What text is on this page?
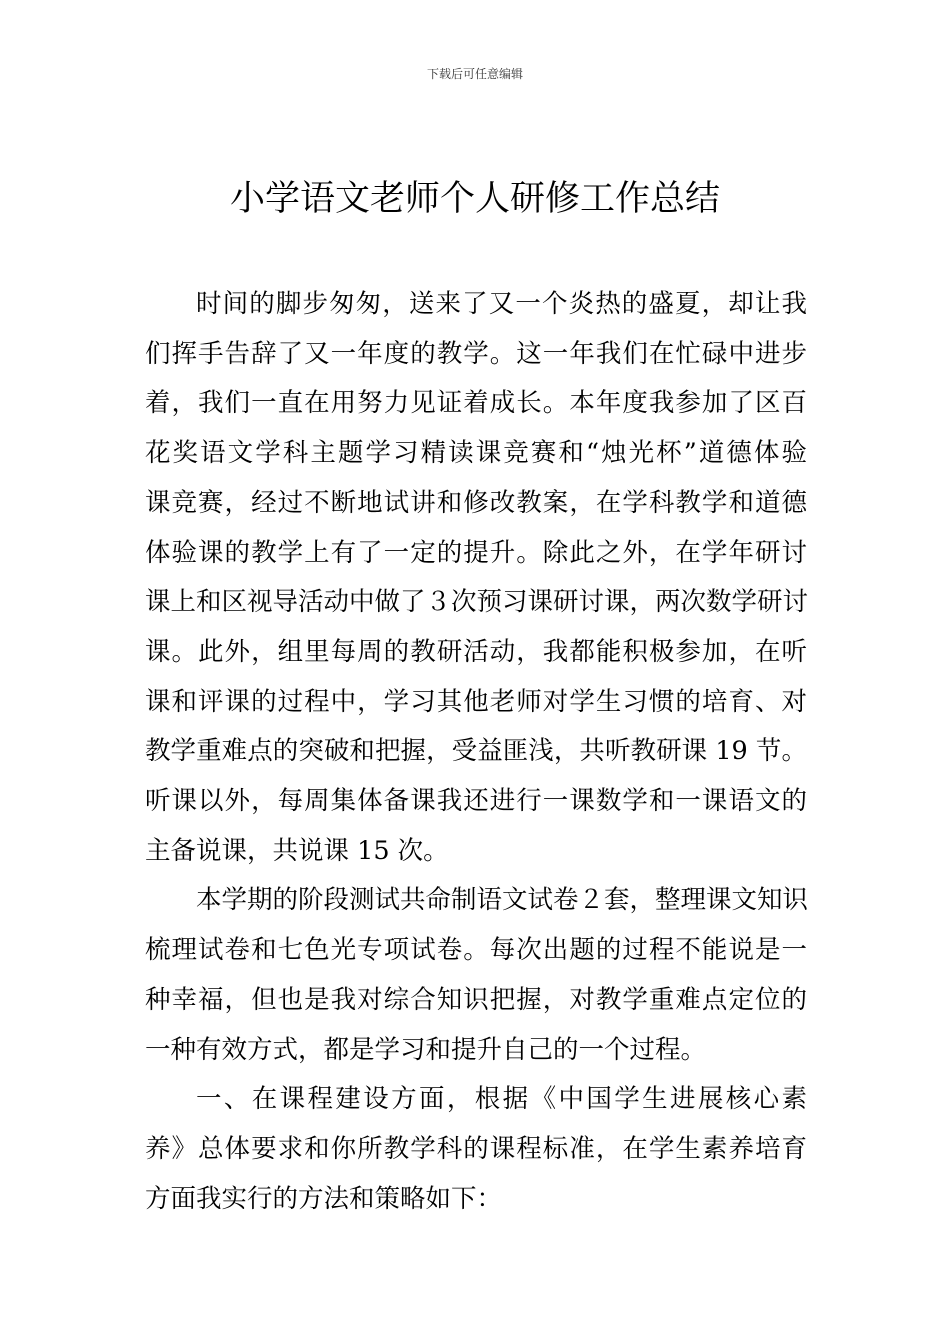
下载后可任意编辑
小学语文老师个人研修工作总结

时间的脚步匆匆，送来了又一个炎热的盛夏，却让我
们挥手告辞了又一年度的教学。这一年我们在忙碌中进步
着，我们一直在用努力见证着成长。本年度我参加了区百
花奖语文学科主题学习精读课竞赛和“烛光杯”道德体验
课竞赛，经过不断地试讲和修改教案，在学科教学和道德
体验课的教学上有了一定的提升。除此之外，在学年研讨
课上和区视导活动中做了３次预习课研讨课，两次数学研讨
课。此外，组里每周的教研活动，我都能积极参加，在听
课和评课的过程中，学习其他老师对学生习惯的培育、对
教学重难点的突破和把握，受益匪浅，共听教研课 19 节。
听课以外，每周集体备课我还进行一课数学和一课语文的
主备说课，共说课 15 次。

本学期的阶段测试共命制语文试卷２套，整理课文知识
梳理试卷和七色光专项试卷。每次出题的过程不能说是一
种幸福，但也是我对综合知识把握，对教学重难点定位的
一种有效方式，都是学习和提升自己的一个过程。

一、在课程建设方面，根据《中国学生进展核心素
养》总体要求和你所教学科的课程标准，在学生素养培育
方面我实行的方法和策略如下：
